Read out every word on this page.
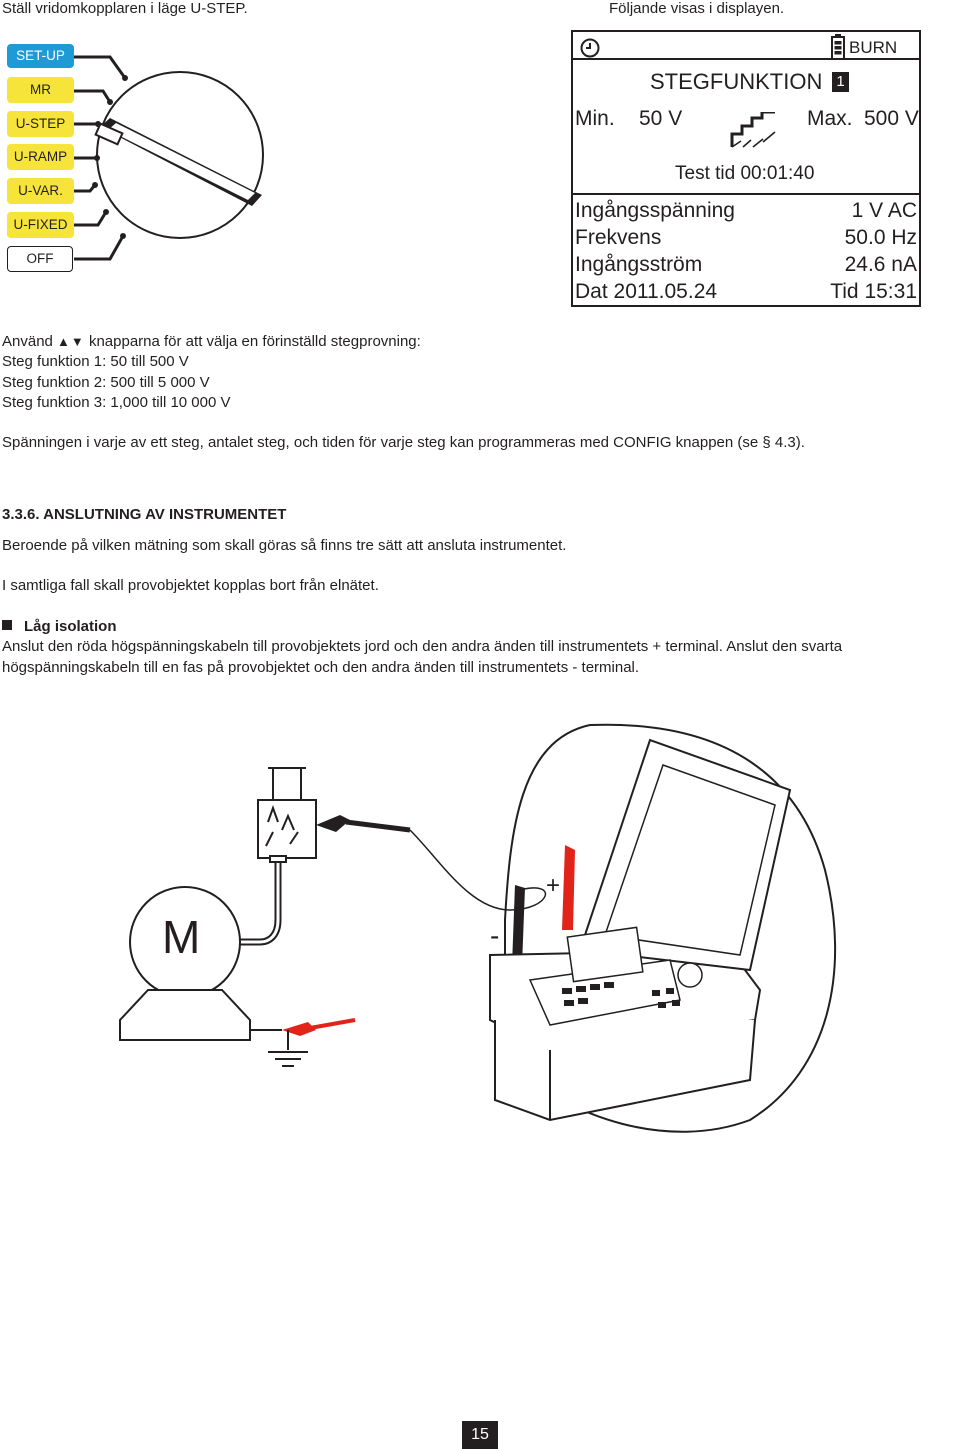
Ställ vridomkopplaren i läge U-STEP.	Följande visas i displayen.
SET-UP
MR
U-STEP
U-RAMP
U-VAR.
U-FIXED
OFF
BURN
STEGFUNKTION 1
Min. 50 V	Max. 500 V
Test tid 00:01:40
Ingångsspänning	1 V AC
Frekvens	50.0 Hz
Ingångsström	24.6 nA
Dat 2011.05.24	Tid 15:31
Använd ▲▼ knapparna för att välja en förinställd stegprovning:
Steg funktion 1: 50 till 500 V
Steg funktion 2: 500 till 5 000 V
Steg funktion 3: 1,000 till 10 000 V
Spänningen i varje av ett steg, antalet steg, och tiden för varje steg kan programmeras med CONFIG knappen (se § 4.3).
3.3.6. ANSLUTNING AV INSTRUMENTET
Beroende på vilken mätning som skall göras så finns tre sätt att ansluta instrumentet.
I samtliga fall skall provobjektet kopplas bort från elnätet.
Låg isolation
Anslut den röda högspänningskabeln till provobjektets jord och den andra änden till instrumentets + terminal. Anslut den svarta
högspänningskabeln till en fas på provobjektet och den andra änden till instrumentets - terminal.
M
+
-
15
